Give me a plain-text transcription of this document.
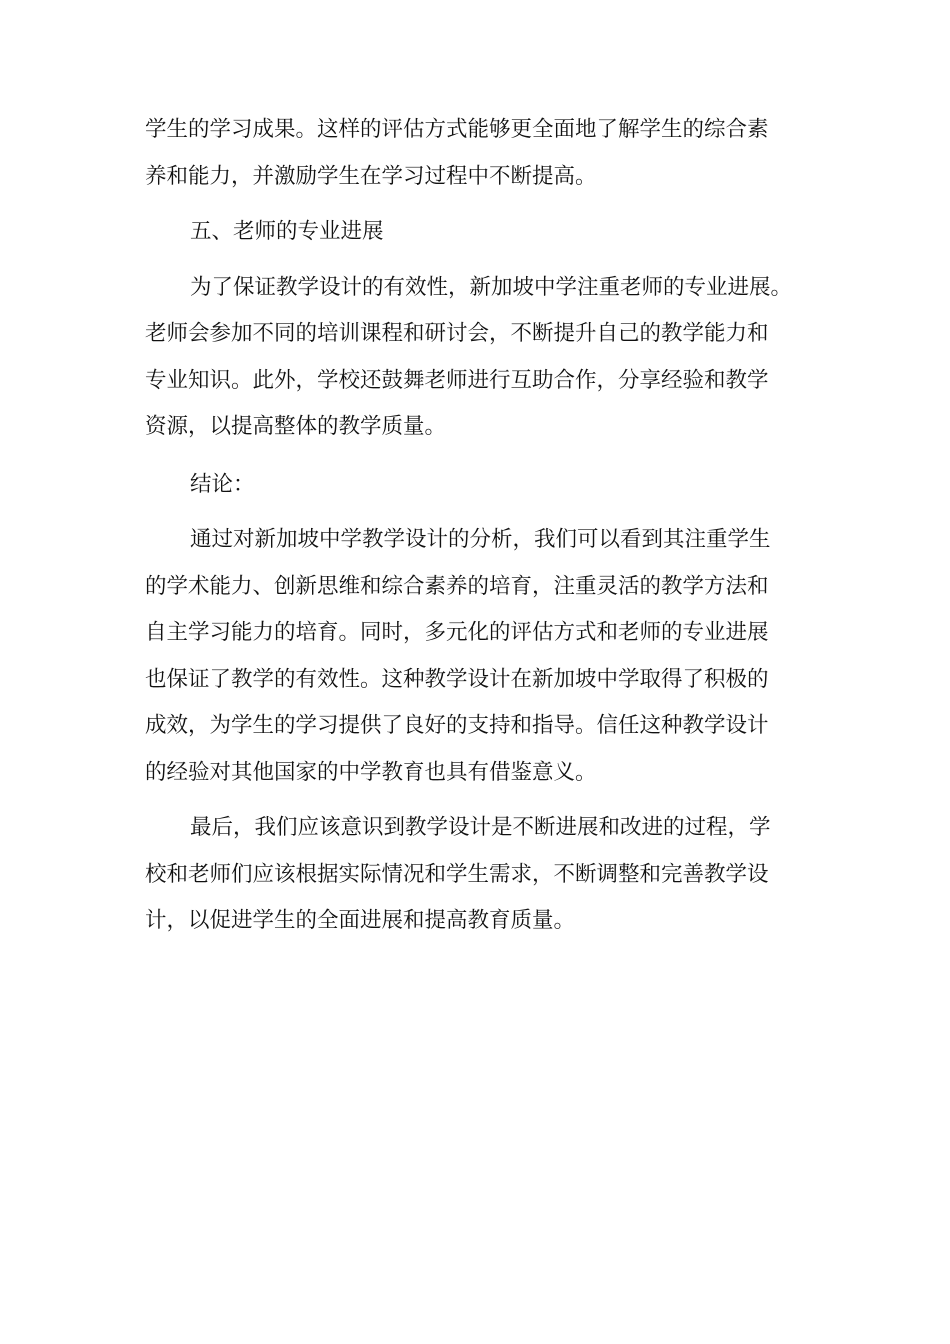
学生的学习成果。这样的评估方式能够更全面地了解学生的综合素
养和能力，并激励学生在学习过程中不断提高。
五、老师的专业进展
为了保证教学设计的有效性，新加坡中学注重老师的专业进展。
老师会参加不同的培训课程和研讨会，不断提升自己的教学能力和
专业知识。此外，学校还鼓舞老师进行互助合作，分享经验和教学
资源，以提高整体的教学质量。
结论：
通过对新加坡中学教学设计的分析，我们可以看到其注重学生
的学术能力、创新思维和综合素养的培育，注重灵活的教学方法和
自主学习能力的培育。同时，多元化的评估方式和老师的专业进展
也保证了教学的有效性。这种教学设计在新加坡中学取得了积极的
成效，为学生的学习提供了良好的支持和指导。信任这种教学设计
的经验对其他国家的中学教育也具有借鉴意义。
最后，我们应该意识到教学设计是不断进展和改进的过程，学
校和老师们应该根据实际情况和学生需求，不断调整和完善教学设
计，以促进学生的全面进展和提高教育质量。
